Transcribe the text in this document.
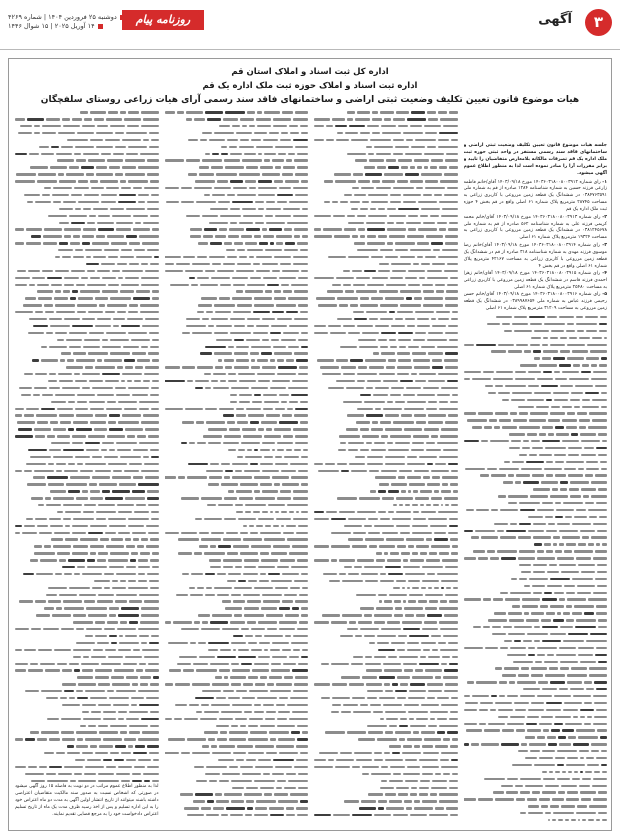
۳
آگهی
روزنامه پیام
دوشنبه ۲۵ فروردین ۱۴۰۴ | شماره ۴۲۶۹
۱۴ آوریل ۲۰۲۵ | ۱۵ شوال ۱۴۴۶
اداره کل ثبت اسناد و املاک استان قم
اداره ثبت اسناد و املاک حوزه ثبت ملک اداره یک قم
هیات موضوع قانون تعیین تکلیف وضعیت ثبتی اراضی و ساختمانهای فاقد سند رسمی آرای هیات زراعی روستای سلفچگان

جلسه هیات موضوع قانون تعیین تکلیف وضعیت ثبتی اراضی و ساختمانهای فاقد سند رسمی مستقر در واحد ثبتی حوزه ثبت ملک اداره یک قم تصرفات مالکانه بلامعارض متقاضیان را تایید و برابر مقررات آرا را صادر نموده است لذا به منظور اطلاع عموم آگهی میشود.

۱- رای شماره ۱۴۰۳۶۰۳۱۸۰۰۸۰۰۳۹۱۲ مورخ ۱۴۰۳/۰۹/۱۸ آقای/خانم فاطمه زارعی فرزند حسین به شماره شناسنامه ۱۲۸۴ صادره از قم به شماره ملی ۰۳۸۴۷۶۳۵۹۱ در ششدانگ یک قطعه زمین مزروعی با کاربری زراعی به مساحت ۲۸۷۴۵ مترمربع پلاک شماره ۶۱ اصلی واقع در قم بخش ۴ حوزه ثبت ملک اداره یک قم

۲- رای شماره ۱۴۰۳۶۰۳۱۸۰۰۸۰۰۳۹۱۳ مورخ ۱۴۰۳/۰۹/۱۸ آقای/خانم محمد کریمی فرزند علی به شماره شناسنامه ۵۶۲ صادره از قم به شماره ملی ۰۳۸۱۲۴۵۶۷۸ در ششدانگ یک قطعه زمین مزروعی با کاربری زراعی به مساحت ۱۹۳۲۴ مترمربع پلاک شماره ۶۱ اصلی

۳- رای شماره ۱۴۰۳۶۰۳۱۸۰۰۸۰۰۳۹۱۴ مورخ ۱۴۰۳/۰۹/۱۸ آقای/خانم رضا موسوی فرزند مهدی به شماره شناسنامه ۳۱۸ صادره از قم در ششدانگ یک قطعه زمین مزروعی با کاربری زراعی به مساحت ۴۲۱۶۷ مترمربع پلاک شماره ۶۱ اصلی واقع در قم بخش ۴

۴- رای شماره ۱۴۰۳۶۰۳۱۸۰۰۸۰۰۳۹۱۵ مورخ ۱۴۰۳/۰۹/۱۸ آقای/خانم زهرا احمدی فرزند قاسم در ششدانگ یک قطعه زمین مزروعی با کاربری زراعی به مساحت ۲۵۴۸۰ مترمربع پلاک شماره ۶۱ اصلی

۵- رای شماره ۱۴۰۳۶۰۳۱۸۰۰۸۰۰۳۹۱۶ مورخ ۱۴۰۳/۰۹/۱۸ آقای/خانم حسن رحیمی فرزند عباس به شماره ملی ۰۳۸۹۹۸۷۶۵۴ در ششدانگ یک قطعه زمین مزروعی به مساحت ۳۱۲۰۹ مترمربع پلاک شماره ۶۱ اصلی

لذا به منظور اطلاع عموم مراتب در دو نوبت به فاصله ۱۵ روز آگهی میشود در صورتی که اشخاص نسبت به صدور سند مالکیت متقاضیان اعتراضی داشته باشند میتوانند از تاریخ انتشار اولین آگهی به مدت دو ماه اعتراض خود را به این اداره تسلیم و پس از اخذ رسید ظرف مدت یک ماه از تاریخ تسلیم اعتراض دادخواست خود را به مرجع قضایی تقدیم نمایند.
